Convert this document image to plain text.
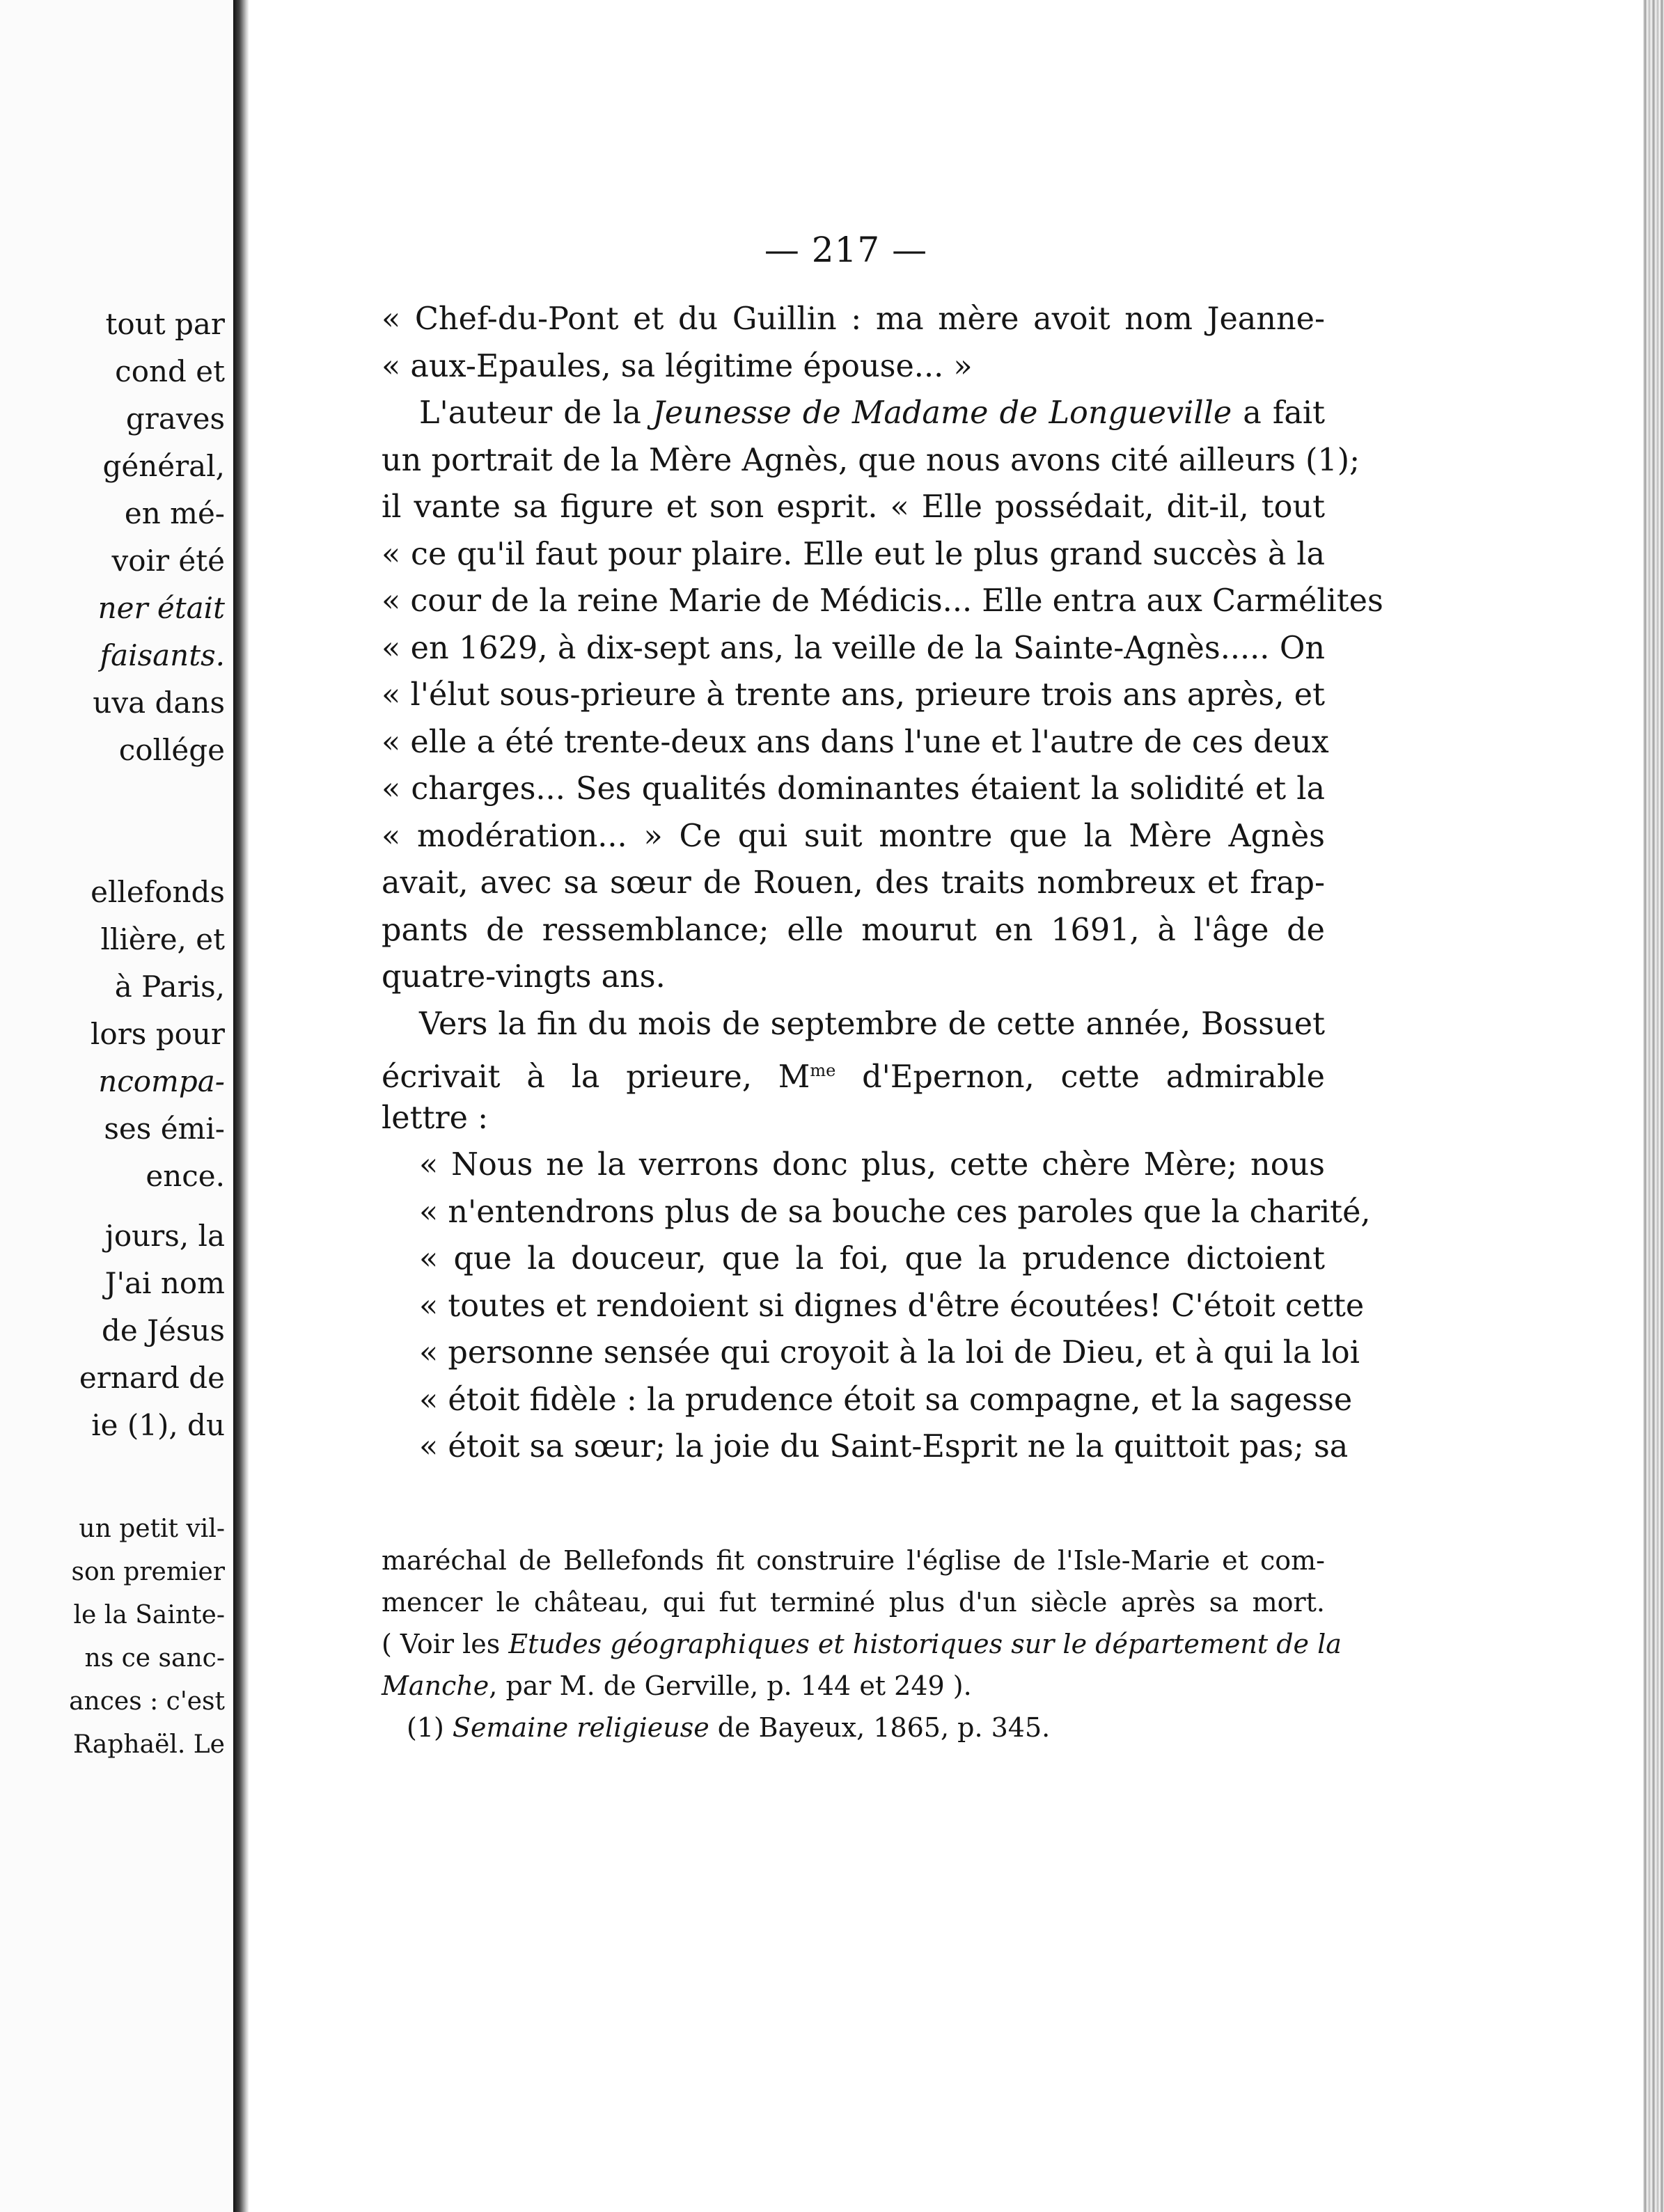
tout par

cond et

graves

général,

en mé-

voir été

ner était

faisants.

uva dans

collége

ellefonds

llière, et

à Paris,

lors pour

ncompa-

ses émi-

ence.

jours, la

J'ai nom

de Jésus

ernard de

ie (1), du

un petit vil-

son premier

le la Sainte-

ns ce sanc-

ances : c'est

Raphaël. Le

— 217 —

« Chef-du-Pont et du Guillin : ma mère avoit nom Jeanne-

« aux-Epaules, sa légitime épouse... »

L'auteur de la Jeunesse de Madame de Longueville a fait

un portrait de la Mère Agnès, que nous avons cité ailleurs (1);

il vante sa figure et son esprit. « Elle possédait, dit-il, tout

« ce qu'il faut pour plaire. Elle eut le plus grand succès à la

« cour de la reine Marie de Médicis... Elle entra aux Carmélites

« en 1629, à dix-sept ans, la veille de la Sainte-Agnès..... On

« l'élut sous-prieure à trente ans, prieure trois ans après, et

« elle a été trente-deux ans dans l'une et l'autre de ces deux

« charges... Ses qualités dominantes étaient la solidité et la

« modération... » Ce qui suit montre que la Mère Agnès

avait, avec sa sœur de Rouen, des traits nombreux et frap-

pants de ressemblance; elle mourut en 1691, à l'âge de

quatre-vingts ans.

Vers la fin du mois de septembre de cette année, Bossuet

écrivait à la prieure, $M^{me}$ d'Epernon, cette admirable

lettre :

« Nous ne la verrons donc plus, cette chère Mère; nous

« n'entendrons plus de sa bouche ces paroles que la charité,

« que la douceur, que la foi, que la prudence dictoient

« toutes et rendoient si dignes d'être écoutées! C'étoit cette

« personne sensée qui croyoit à la loi de Dieu, et à qui la loi

« étoit fidèle : la prudence étoit sa compagne, et la sagesse

« étoit sa sœur; la joie du Saint-Esprit ne la quittoit pas; sa

maréchal de Bellefonds fit construire l'église de l'Isle-Marie et com-

mencer le château, qui fut terminé plus d'un siècle après sa mort.

( Voir les Etudes géographiques et historiques sur le département de la

Manche, par M. de Gerville, p. 144 et 249 ).

(1) Semaine religieuse de Bayeux, 1865, p. 345.
